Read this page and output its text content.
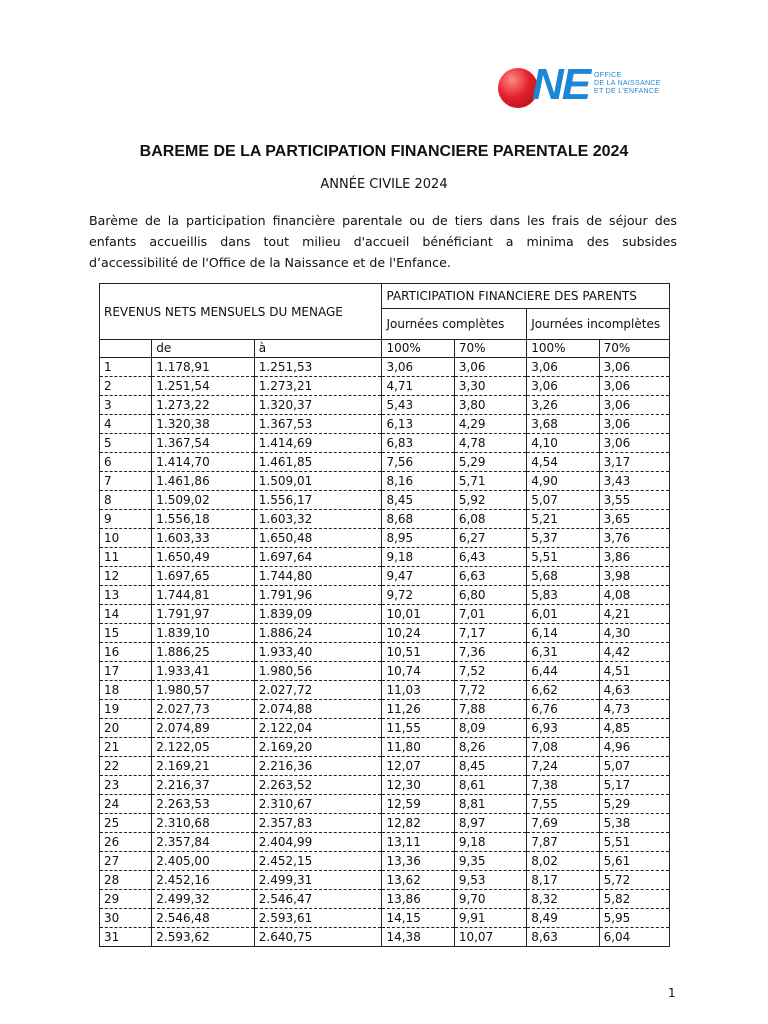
NE OFFICE
DE LA NAISSANCE
ET DE L'ENFANCE
BAREME DE LA PARTICIPATION FINANCIERE PARENTALE 2024
ANNÉE CIVILE 2024
Barème de la participation financière parentale ou de tiers dans les frais de séjour des enfants accueillis dans tout milieu d'accueil bénéficiant a minima des subsides d’accessibilité de l'Office de la Naissance et de l'Enfance.
REVENUS NETS MENSUELS DU MENAGE			PARTICIPATION FINANCIERE DES PARENTS			
			Journées complètes		Journées incomplètes	
	de	à	100%	70%	100%	70%
1	1.178,91	1.251,53	3,06	3,06	3,06	3,06
2	1.251,54	1.273,21	4,71	3,30	3,06	3,06
3	1.273,22	1.320,37	5,43	3,80	3,26	3,06
4	1.320,38	1.367,53	6,13	4,29	3,68	3,06
5	1.367,54	1.414,69	6,83	4,78	4,10	3,06
6	1.414,70	1.461,85	7,56	5,29	4,54	3,17
7	1.461,86	1.509,01	8,16	5,71	4,90	3,43
8	1.509,02	1.556,17	8,45	5,92	5,07	3,55
9	1.556,18	1.603,32	8,68	6,08	5,21	3,65
10	1.603,33	1.650,48	8,95	6,27	5,37	3,76
11	1.650,49	1.697,64	9,18	6,43	5,51	3,86
12	1.697,65	1.744,80	9,47	6,63	5,68	3,98
13	1.744,81	1.791,96	9,72	6,80	5,83	4,08
14	1.791,97	1.839,09	10,01	7,01	6,01	4,21
15	1.839,10	1.886,24	10,24	7,17	6,14	4,30
16	1.886,25	1.933,40	10,51	7,36	6,31	4,42
17	1.933,41	1.980,56	10,74	7,52	6,44	4,51
18	1.980,57	2.027,72	11,03	7,72	6,62	4,63
19	2.027,73	2.074,88	11,26	7,88	6,76	4,73
20	2.074,89	2.122,04	11,55	8,09	6,93	4,85
21	2.122,05	2.169,20	11,80	8,26	7,08	4,96
22	2.169,21	2.216,36	12,07	8,45	7,24	5,07
23	2.216,37	2.263,52	12,30	8,61	7,38	5,17
24	2.263,53	2.310,67	12,59	8,81	7,55	5,29
25	2.310,68	2.357,83	12,82	8,97	7,69	5,38
26	2.357,84	2.404,99	13,11	9,18	7,87	5,51
27	2.405,00	2.452,15	13,36	9,35	8,02	5,61
28	2.452,16	2.499,31	13,62	9,53	8,17	5,72
29	2.499,32	2.546,47	13,86	9,70	8,32	5,82
30	2.546,48	2.593,61	14,15	9,91	8,49	5,95
31	2.593,62	2.640,75	14,38	10,07	8,63	6,04
1
